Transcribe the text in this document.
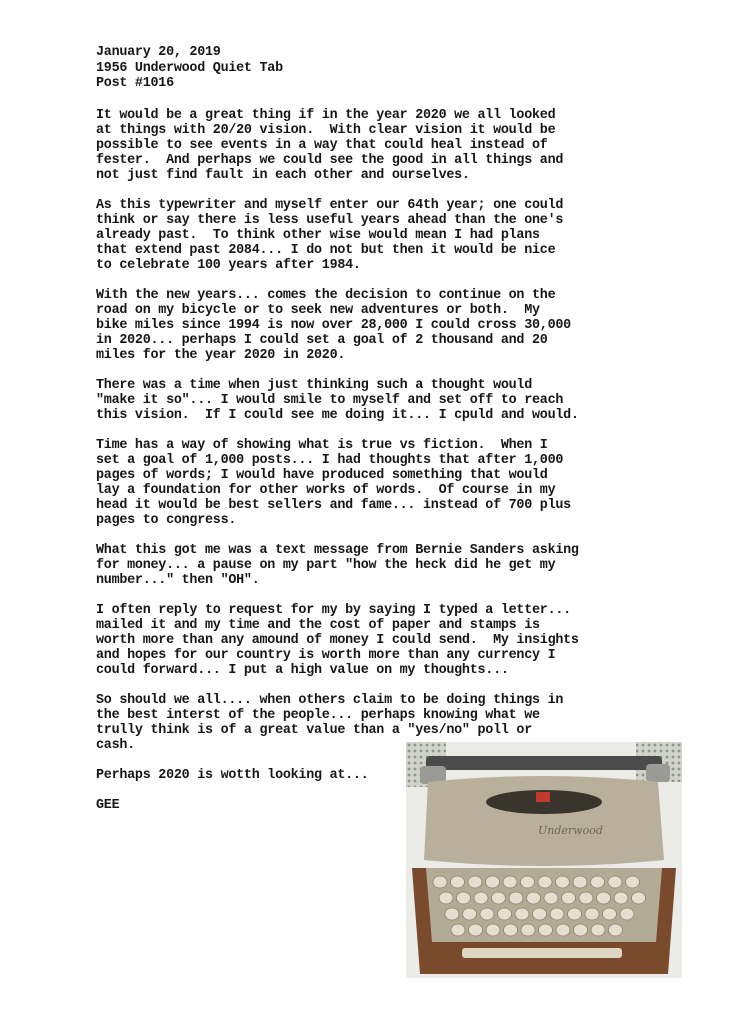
January 20, 2019

1956 Underwood Quiet Tab

Post #1016

It would be a great thing if in the year 2020 we all looked

at things with 20/20 vision.  With clear vision it would be

possible to see events in a way that could heal instead of

fester.  And perhaps we could see the good in all things and

not just find fault in each other and ourselves.

As this typewriter and myself enter our 64th year; one could

think or say there is less useful years ahead than the one's

already past.  To think other wise would mean I had plans

that extend past 2084... I do not but then it would be nice

to celebrate 100 years after 1984.

With the new years... comes the decision to continue on the

road on my bicycle or to seek new adventures or both.  My

bike miles since 1994 is now over 28,000 I could cross 30,000

in 2020... perhaps I could set a goal of 2 thousand and 20

miles for the year 2020 in 2020.

There was a time when just thinking such a thought would

"make it so"... I would smile to myself and set off to reach

this vision.  If I could see me doing it... I cpuld and would.

Time has a way of showing what is true vs fiction.  When I

set a goal of 1,000 posts... I had thoughts that after 1,000

pages of words; I would have produced something that would

lay a foundation for other works of words.  Of course in my

head it would be best sellers and fame... instead of 700 plus

pages to congress.

What this got me was a text message from Bernie Sanders asking

for money... a pause on my part "how the heck did he get my

number..." then "OH".

I often reply to request for my by saying I typed a letter...

mailed it and my time and the cost of paper and stamps is

worth more than any amound of money I could send.  My insights

and hopes for our country is worth more than any currency I

could forward... I put a high value on my thoughts...

So should we all.... when others claim to be doing things in

the best interst of the people... perhaps knowing what we

trully think is of a great value than a "yes/no" poll or

cash.

Perhaps 2020 is wotth looking at...

GEE

Underwood
